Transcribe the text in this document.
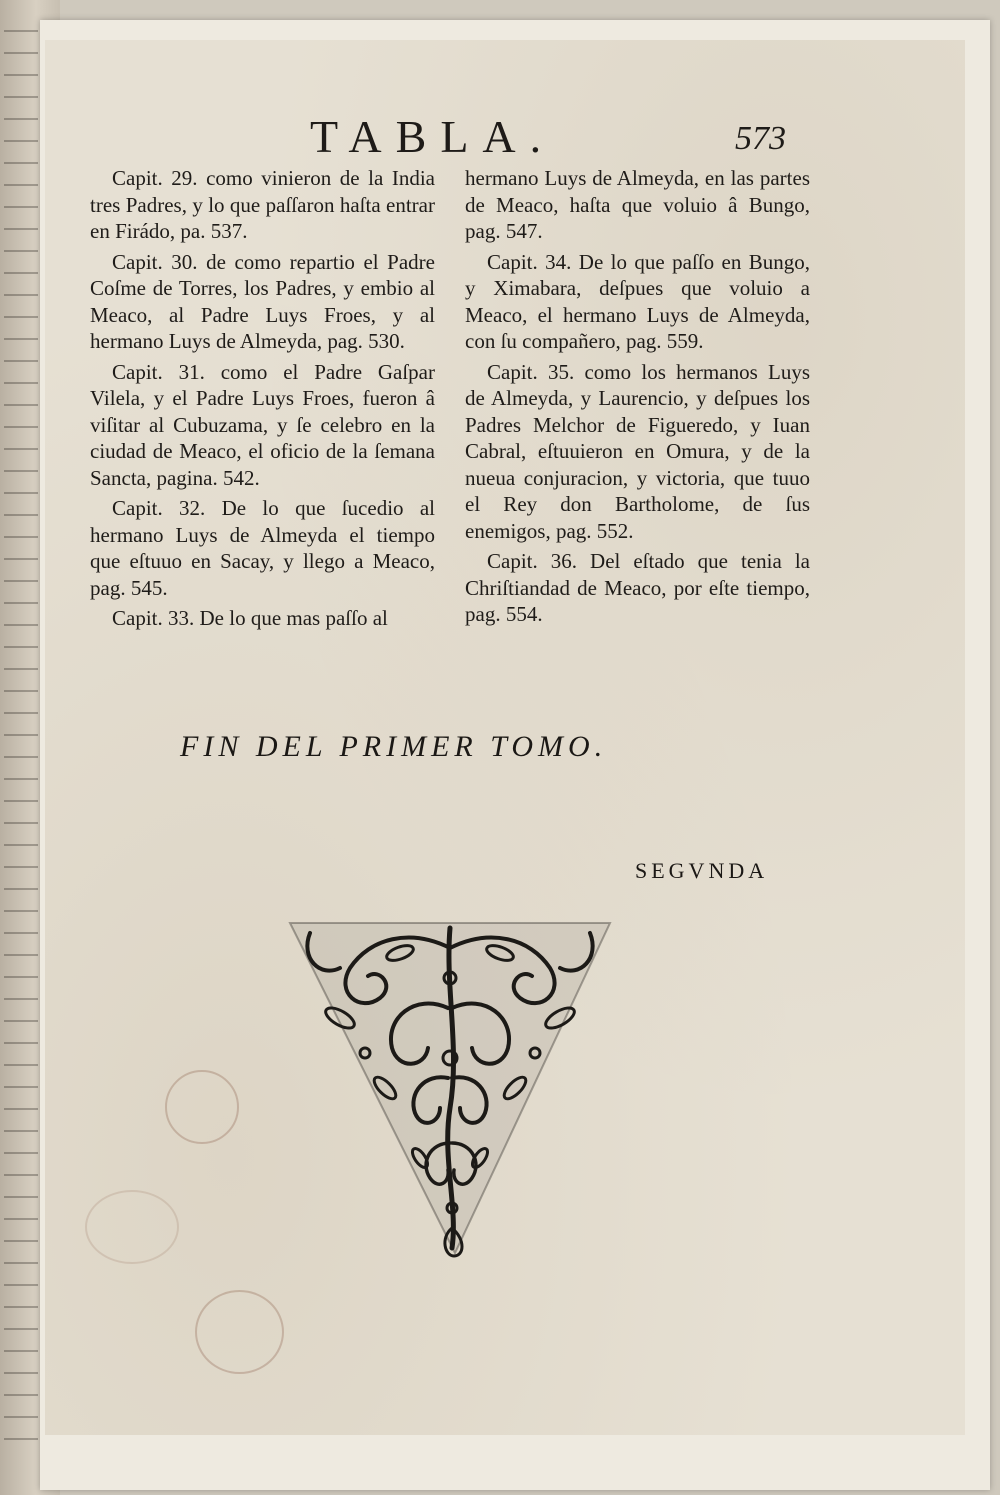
TABLA.	573

Capit. 29. como vinieron de la India tres Padres, y lo que paſſaron haſta entrar en Firádo, pa. 537.

Capit. 30. de como repartio el Padre Coſme de Torres, los Padres, y embio al Meaco, al Padre Luys Froes, y al hermano Luys de Almeyda, pag. 530.

Capit. 31. como el Padre Gaſpar Vilela, y el Padre Luys Froes, fueron â viſitar al Cubuzama, y ſe celebro en la ciudad de Meaco, el oficio de la ſemana Sancta, pagina. 542.

Capit. 32. De lo que ſucedio al hermano Luys de Almeyda el tiempo que eſtuuo en Sacay, y llego a Meaco, pag. 545.

Capit. 33. De lo que mas paſſo al

hermano Luys de Almeyda, en las partes de Meaco, haſta que voluio â Bungo, pag. 547.

Capit. 34. De lo que paſſo en Bungo, y Ximabara, deſpues que voluio a Meaco, el hermano Luys de Almeyda, con ſu compañero, pag. 559.

Capit. 35. como los hermanos Luys de Almeyda, y Laurencio, y deſpues los Padres Melchor de Figueredo, y Iuan Cabral, eſtuuieron en Omura, y de la nueua conjuracion, y victoria, que tuuo el Rey don Bartholome, de ſus enemigos, pag. 552.

Capit. 36. Del eſtado que tenia la Chriſtiandad de Meaco, por eſte tiempo, pag. 554.

FIN DEL PRIMER TOMO.
SEGVNDA
